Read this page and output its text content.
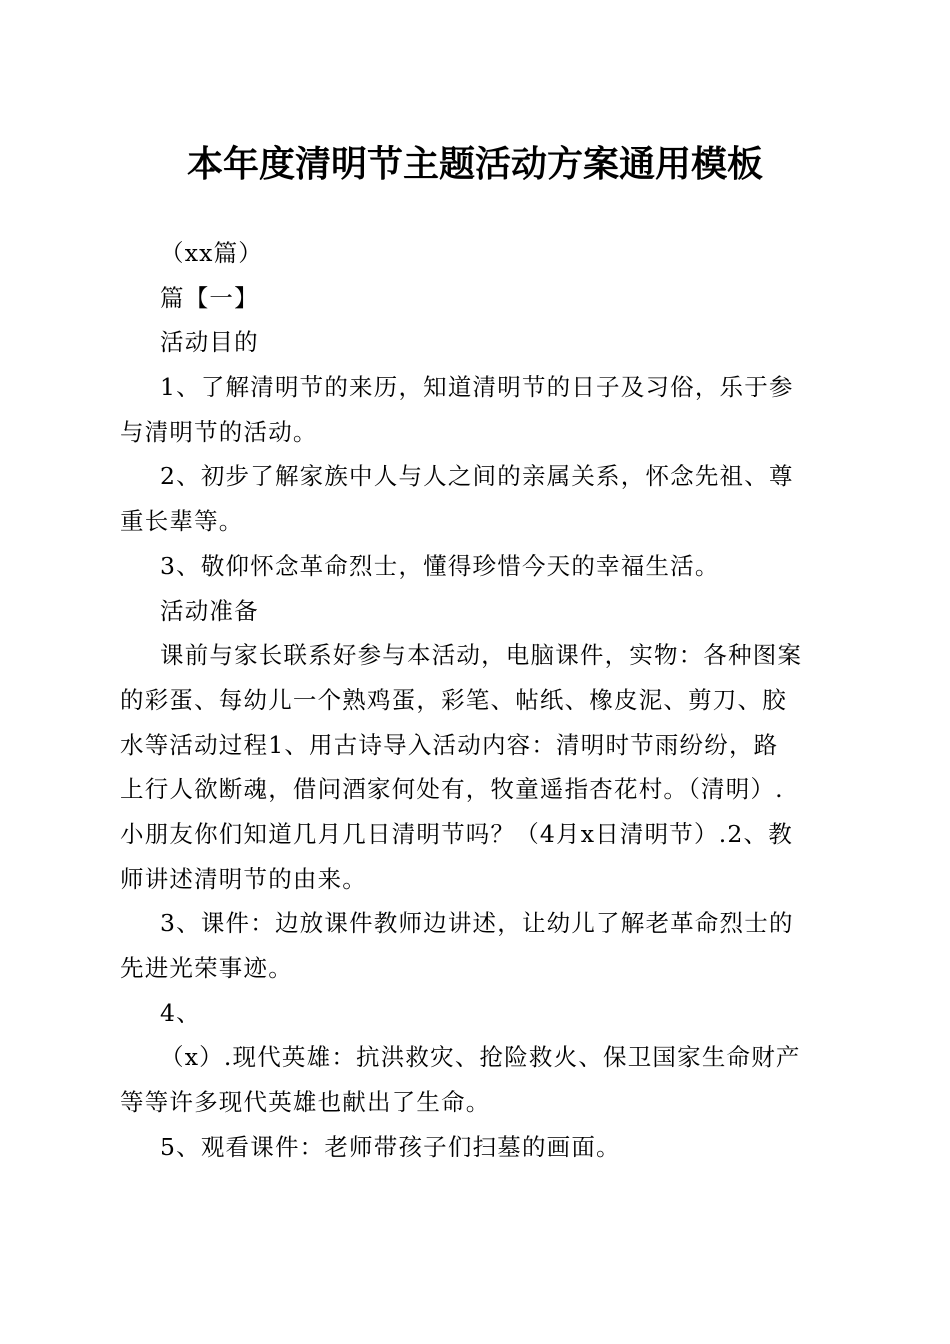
本年度清明节主题活动方案通用模板
（xx篇）
篇【一】
活动目的
1、了解清明节的来历，知道清明节的日子及习俗，乐于参
与清明节的活动。
2、初步了解家族中人与人之间的亲属关系，怀念先祖、尊
重长辈等。
3、敬仰怀念革命烈士，懂得珍惜今天的幸福生活。
活动准备
课前与家长联系好参与本活动，电脑课件，实物：各种图案
的彩蛋、每幼儿一个熟鸡蛋，彩笔、帖纸、橡皮泥、剪刀、胶
水等活动过程1、用古诗导入活动内容：清明时节雨纷纷，路
上行人欲断魂，借问酒家何处有，牧童遥指杏花村。（清明）.
小朋友你们知道几月几日清明节吗？（4月x日清明节）.2、教
师讲述清明节的由来。
3、课件：边放课件教师边讲述，让幼儿了解老革命烈士的
先进光荣事迹。
4、
（x）.现代英雄：抗洪救灾、抢险救火、保卫国家生命财产
等等许多现代英雄也献出了生命。
5、观看课件：老师带孩子们扫墓的画面。
